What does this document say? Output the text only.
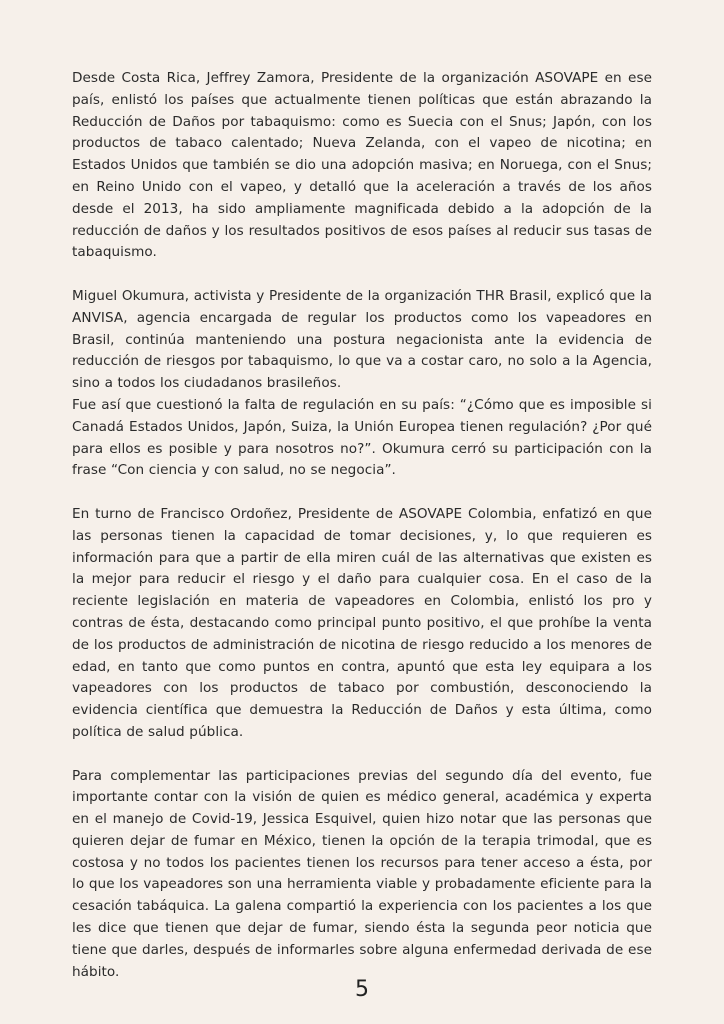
Desde Costa Rica, Jeffrey Zamora, Presidente de la organización ASOVAPE en ese país, enlistó los países que actualmente tienen políticas que están abrazando la Reducción de Daños por tabaquismo: como es Suecia con el Snus; Japón, con los productos de tabaco calentado; Nueva Zelanda, con el vapeo de nicotina; en Estados Unidos que también se dio una adopción masiva; en Noruega, con el Snus; en Reino Unido con el vapeo, y detalló que la aceleración a través de los años desde el 2013, ha sido ampliamente magnificada debido a la adopción de la reducción de daños y los resultados positivos de esos países al reducir sus tasas de tabaquismo.

Miguel Okumura, activista y Presidente de la organización THR Brasil, explicó que la ANVISA, agencia encargada de regular los productos como los vapeadores en Brasil, continúa manteniendo una postura negacionista ante la evidencia de reducción de riesgos por tabaquismo, lo que va a costar caro, no solo a la Agencia, sino a todos los ciudadanos brasileños.

Fue así que cuestionó la falta de regulación en su país: “¿Cómo que es imposible si Canadá Estados Unidos, Japón, Suiza, la Unión Europea tienen regulación? ¿Por qué para ellos es posible y para nosotros no?”. Okumura cerró su participación con la frase “Con ciencia y con salud, no se negocia”.

En turno de Francisco Ordoñez, Presidente de ASOVAPE Colombia, enfatizó en que las personas tienen la capacidad de tomar decisiones, y, lo que requieren es información para que a partir de ella miren cuál de las alternativas que existen es la mejor para reducir el riesgo y el daño para cualquier cosa. En el caso de la reciente legislación en materia de vapeadores en Colombia, enlistó los pro y contras de ésta, destacando como principal punto positivo, el que prohíbe la venta de los productos de administración de nicotina de riesgo reducido a los menores de edad, en tanto que como puntos en contra, apuntó que esta ley equipara a los vapeadores con los productos de tabaco por combustión, desconociendo la evidencia científica que demuestra la Reducción de Daños y esta última, como política de salud pública.

Para complementar las participaciones previas del segundo día del evento, fue importante contar con la visión de quien es médico general, académica y experta en el manejo de Covid-19, Jessica Esquivel, quien hizo notar que las personas que quieren dejar de fumar en México, tienen la opción de la terapia trimodal, que es costosa y no todos los pacientes tienen los recursos para tener acceso a ésta, por lo que los vapeadores son una herramienta viable y probadamente eficiente para la cesación tabáquica. La galena compartió la experiencia con los pacientes a los que les dice que tienen que dejar de fumar, siendo ésta la segunda peor noticia que tiene que darles, después de informarles sobre alguna enfermedad derivada de ese hábito.

5
